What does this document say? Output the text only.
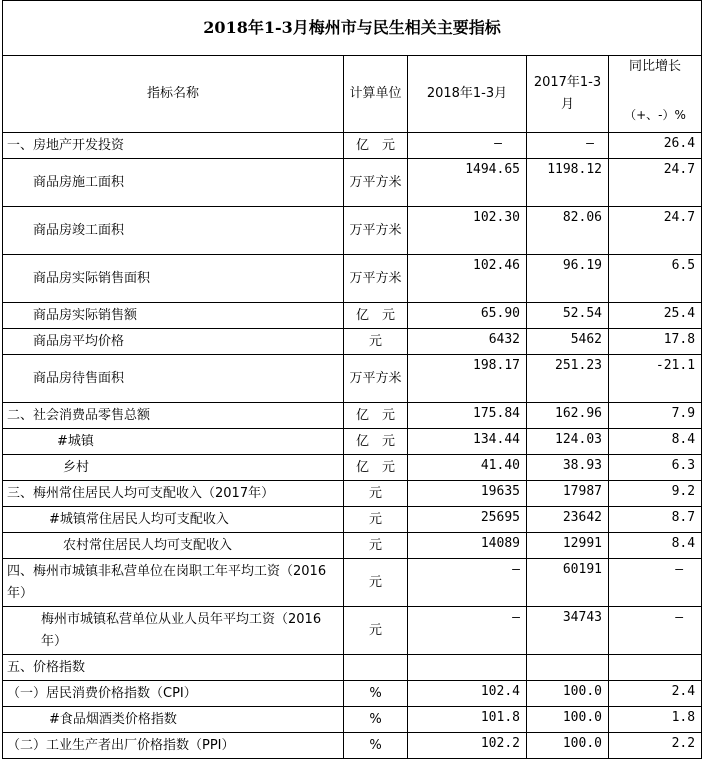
2018年1-3月梅州市与民生相关主要指标				
指标名称	计算单位	2018年1-3月	2017年1-3月	同比增长
（+、-）%

一、房地产开发投资	亿　元	–	–	26.4
商品房施工面积	万平方米	1494.65	1198.12	24.7
商品房竣工面积	万平方米	102.30	82.06	24.7
商品房实际销售面积	万平方米	102.46	96.19	6.5
商品房实际销售额	亿　元	65.90	52.54	25.4
商品房平均价格	元	6432	5462	17.8
商品房待售面积	万平方米	198.17	251.23	-21.1
二、社会消费品零售总额	亿　元	175.84	162.96	7.9
#城镇	亿　元	134.44	124.03	8.4
乡村	亿　元	41.40	38.93	6.3
三、梅州常住居民人均可支配收入（2017年）	元	19635	17987	9.2
#城镇常住居民人均可支配收入	元	25695	23642	8.7
农村常住居民人均可支配收入	元	14089	12991	8.4
四、梅州市城镇非私营单位在岗职工年平均工资（2016年）	元	–	60191	–
梅州市城镇私营单位从业人员年平均工资（2016年）	元	–	34743	–
五、价格指数				
（一）居民消费价格指数（CPI）	%	102.4	100.0	2.4
#食品烟酒类价格指数	%	101.8	100.0	1.8
（二）工业生产者出厂价格指数（PPI）	%	102.2	100.0	2.2
